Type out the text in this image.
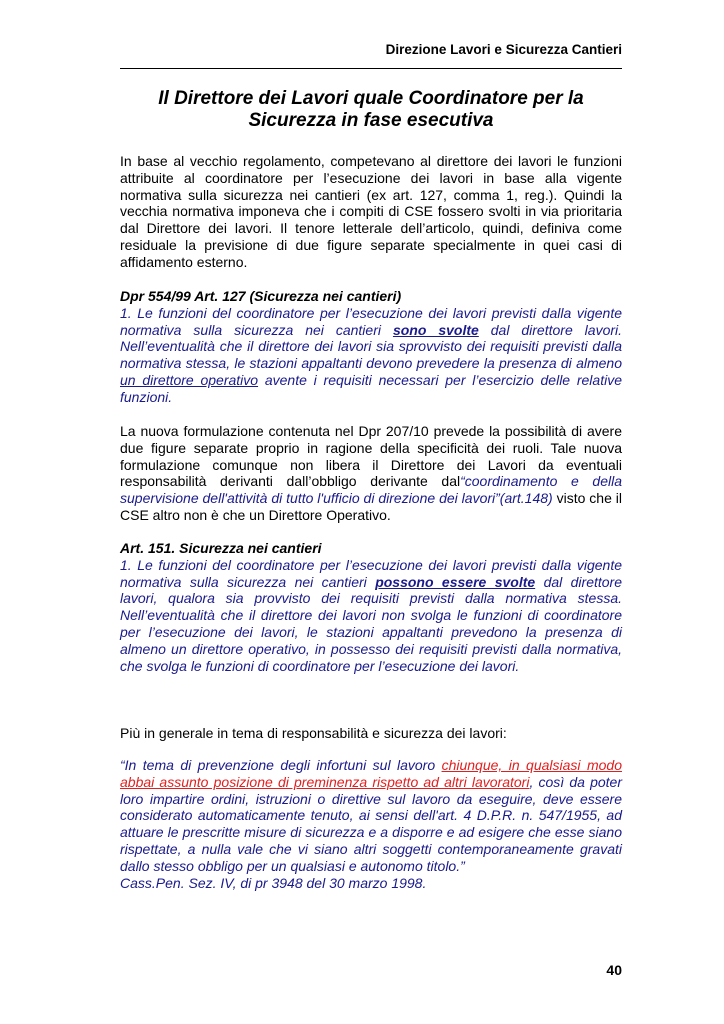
Direzione Lavori e Sicurezza Cantieri
Il Direttore dei Lavori quale Coordinatore per la
Sicurezza in fase esecutiva
In base al vecchio regolamento, competevano al direttore dei lavori le funzioni attribuite al coordinatore per l’esecuzione dei lavori in base alla vigente normativa sulla sicurezza nei cantieri (ex art. 127, comma 1, reg.). Quindi la vecchia normativa imponeva che i compiti di CSE fossero svolti in via prioritaria dal Direttore dei lavori. Il tenore letterale dell’articolo, quindi, definiva come residuale la previsione di due figure separate specialmente in quei casi di affidamento esterno.
Dpr 554/99 Art. 127 (Sicurezza nei cantieri)
1. Le funzioni del coordinatore per l’esecuzione dei lavori previsti dalla vigente normativa sulla sicurezza nei cantieri sono svolte dal direttore lavori. Nell’eventualità che il direttore dei lavori sia sprovvisto dei requisiti previsti dalla normativa stessa, le stazioni appaltanti devono prevedere la presenza di almeno un direttore operativo avente i requisiti necessari per l’esercizio delle relative funzioni.
La nuova formulazione contenuta nel Dpr 207/10 prevede la possibilità di avere due figure separate proprio in ragione della specificità dei ruoli. Tale nuova formulazione comunque non libera il Direttore dei Lavori da eventuali responsabilità derivanti dall’obbligo derivante dal“coordinamento e della supervisione dell'attività di tutto l'ufficio di direzione dei lavori”(art.148) visto che il CSE altro non è che un Direttore Operativo.
Art. 151. Sicurezza nei cantieri
1. Le funzioni del coordinatore per l’esecuzione dei lavori previsti dalla vigente normativa sulla sicurezza nei cantieri possono essere svolte dal direttore lavori, qualora sia provvisto dei requisiti previsti dalla normativa stessa. Nell’eventualità che il direttore dei lavori non svolga le funzioni di coordinatore per l’esecuzione dei lavori, le stazioni appaltanti prevedono la presenza di almeno un direttore operativo, in possesso dei requisiti previsti dalla normativa, che svolga le funzioni di coordinatore per l’esecuzione dei lavori.
Più in generale in tema di responsabilità e sicurezza dei lavori:
“In tema di prevenzione degli infortuni sul lavoro chiunque, in qualsiasi modo abbai assunto posizione di preminenza rispetto ad altri lavoratori, così da poter loro impartire ordini, istruzioni o direttive sul lavoro da eseguire, deve essere considerato automaticamente tenuto, ai sensi dell'art. 4 D.P.R. n. 547/1955, ad attuare le prescritte misure di sicurezza e a disporre e ad esigere che esse siano rispettate, a nulla vale che vi siano altri soggetti contemporaneamente gravati dallo stesso obbligo per un qualsiasi e autonomo titolo.”
Cass.Pen. Sez. IV, di pr 3948 del 30 marzo 1998.
40
